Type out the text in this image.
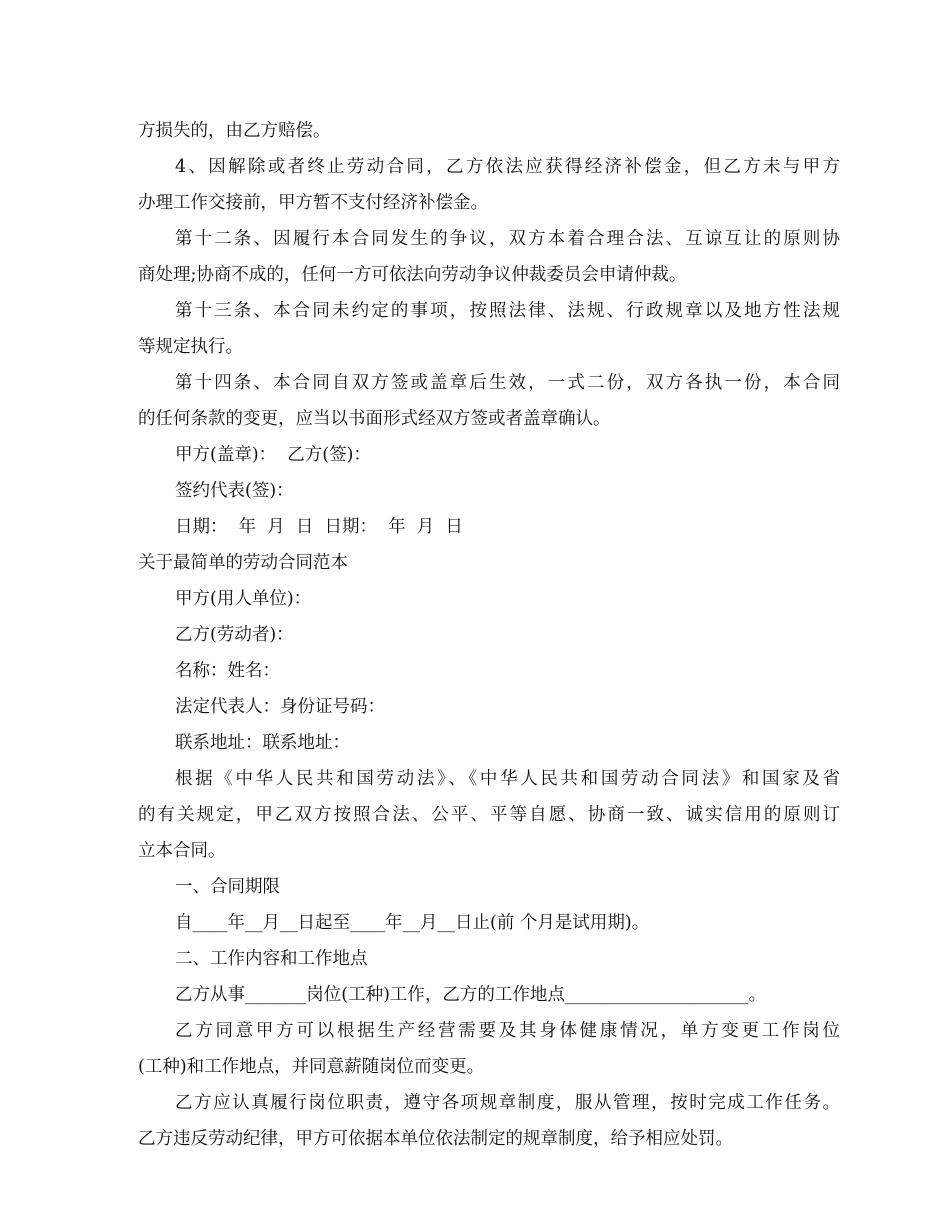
方损失的，由乙方赔偿。
4、因解除或者终止劳动合同，乙方依法应获得经济补偿金，但乙方未与甲方
办理工作交接前，甲方暂不支付经济补偿金。
第十二条、因履行本合同发生的争议，双方本着合理合法、互谅互让的原则协
商处理;协商不成的，任何一方可依法向劳动争议仲裁委员会申请仲裁。
第十三条、本合同未约定的事项，按照法律、法规、行政规章以及地方性法规
等规定执行。
第十四条、本合同自双方签或盖章后生效，一式二份，双方各执一份，本合同
的任何条款的变更，应当以书面形式经双方签或者盖章确认。
甲方(盖章)：  乙方(签)：
签约代表(签)：
日期：  年  月  日  日期：  年  月  日
关于最简单的劳动合同范本
甲方(用人单位)：
乙方(劳动者)：
名称：姓名：
法定代表人：身份证号码：
联系地址：联系地址：
根据《中华人民共和国劳动法》、《中华人民共和国劳动合同法》和国家及省
的有关规定，甲乙双方按照合法、公平、平等自愿、协商一致、诚实信用的原则订
立本合同。
一、合同期限
自____年__月__日起至____年__月__日止(前 个月是试用期)。
二、工作内容和工作地点
乙方从事_______岗位(工种)工作，乙方的工作地点_____________________。
乙方同意甲方可以根据生产经营需要及其身体健康情况，单方变更工作岗位
(工种)和工作地点，并同意薪随岗位而变更。
乙方应认真履行岗位职责，遵守各项规章制度，服从管理，按时完成工作任务。
乙方违反劳动纪律，甲方可依据本单位依法制定的规章制度，给予相应处罚。
